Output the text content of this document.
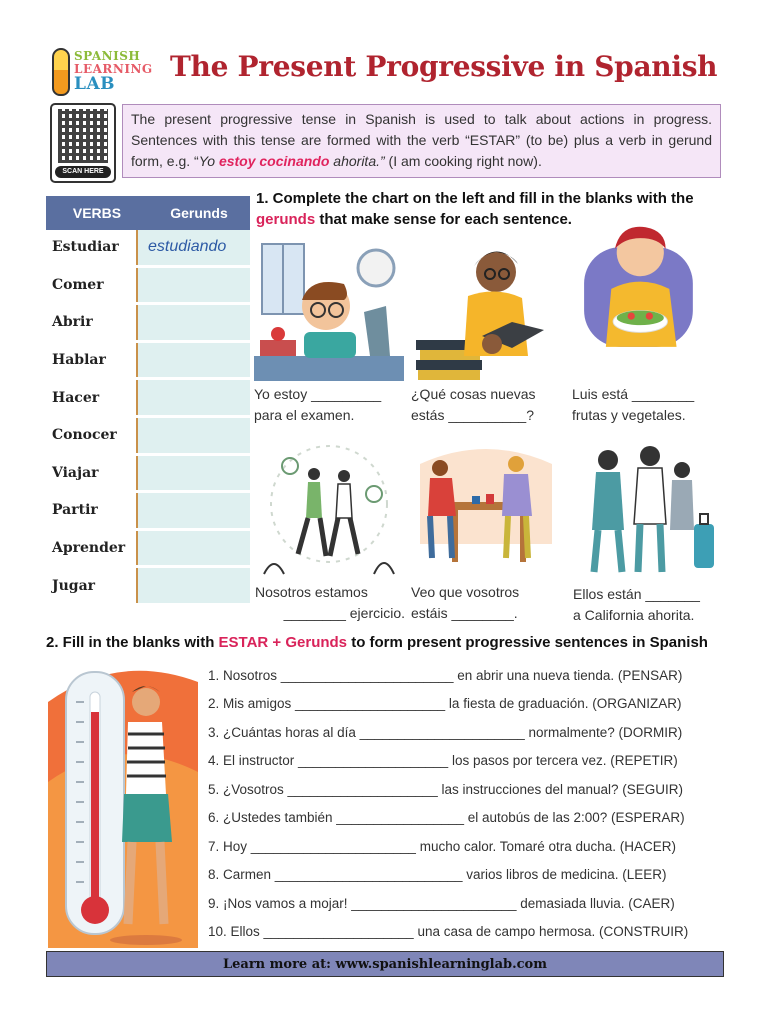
SPANISH
LEARNING
LAB
The Present Progressive in Spanish
SCAN HERE
The present progressive tense in Spanish is used to talk about actions in progress. Sentences with this tense are formed with the verb “ESTAR” (to be) plus a verb in gerund form, e.g. “Yo estoy cocinando ahorita.” (I am cooking right now).
VERBS	Gerunds
Estudiar	estudiando
Comer
Abrir
Hablar
Hacer
Conocer
Viajar
Partir
Aprender
Jugar
1. Complete the chart on the left and fill in the blanks with the gerunds that make sense for each sentence.
Yo estoy _________
para el examen.
¿Qué cosas nuevas
estás __________?
Luis está ________
frutas y vegetales.
Nosotros estamos
________ ejercicio.
Veo que vosotros
estáis ________.
Ellos están _______
a California ahorita.
2. Fill in the blanks with ESTAR + Gerunds to form present progressive sentences in Spanish
1. Nosotros _______________________ en abrir una nueva tienda. (PENSAR)
2. Mis amigos ____________________ la fiesta de graduación. (ORGANIZAR)
3. ¿Cuántas horas al día ______________________ normalmente? (DORMIR)
4. El instructor ____________________ los pasos por tercera vez. (REPETIR)
5. ¿Vosotros ____________________ las instrucciones del manual? (SEGUIR)
6. ¿Ustedes también _________________ el autobús de las 2:00? (ESPERAR)
7. Hoy ______________________ mucho calor. Tomaré otra ducha. (HACER)
8. Carmen _________________________ varios libros de medicina. (LEER)
9. ¡Nos vamos a mojar! ______________________ demasiada lluvia. (CAER)
10. Ellos ____________________ una casa de campo hermosa. (CONSTRUIR)
Learn more at: www.spanishlearninglab.com
